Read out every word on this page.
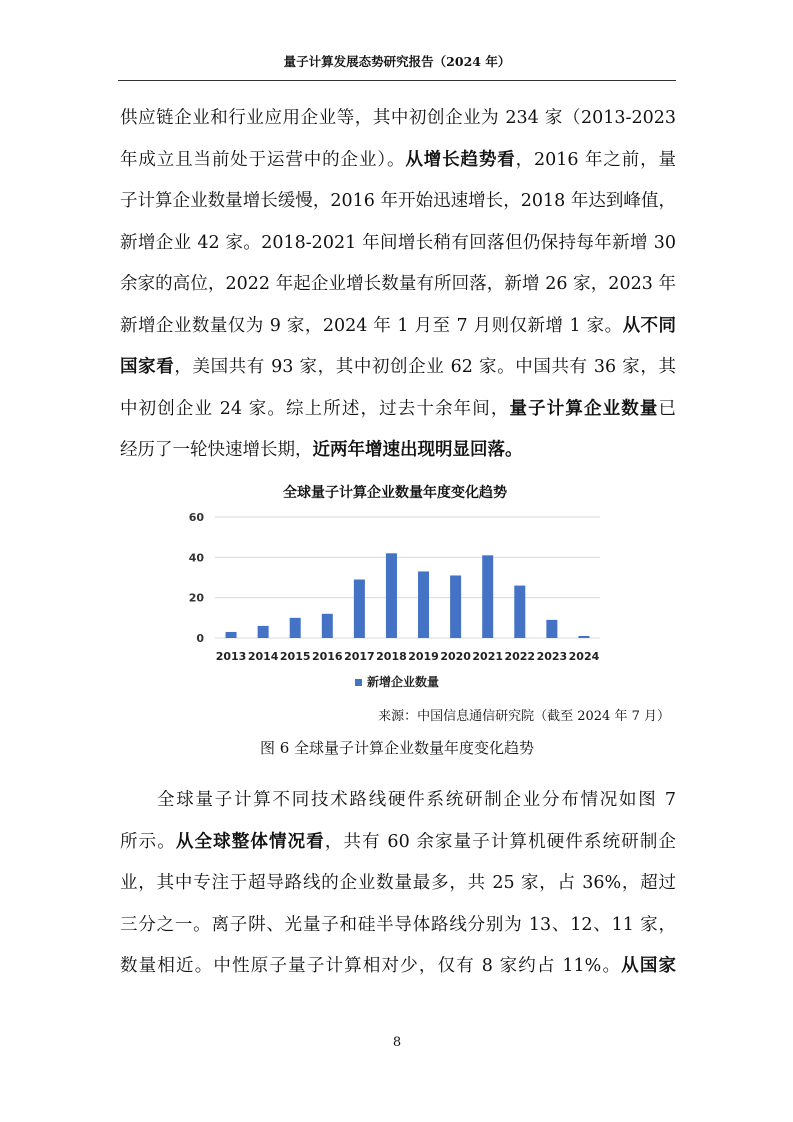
量子计算发展态势研究报告（2024 年）
供应链企业和行业应用企业等，其中初创企业为 234 家（2013-2023
年成立且当前处于运营中的企业）。从增长趋势看，2016 年之前，量
子计算企业数量增长缓慢，2016 年开始迅速增长，2018 年达到峰值，
新增企业 42 家。2018-2021 年间增长稍有回落但仍保持每年新增 30
余家的高位，2022 年起企业增长数量有所回落，新增 26 家，2023 年
新增企业数量仅为 9 家，2024 年 1 月至 7 月则仅新增 1 家。从不同
国家看，美国共有 93 家，其中初创企业 62 家。中国共有 36 家，其
中初创企业 24 家。综上所述，过去十余年间，量子计算企业数量已
经历了一轮快速增长期，近两年增速出现明显回落。
全球量子计算企业数量年度变化趋势
0
20
40
60
2013 2014 2015 2016 2017 2018 2019 2020 2021 2022 2023 2024
新增企业数量
来源：中国信息通信研究院（截至 2024 年 7 月）
图 6 全球量子计算企业数量年度变化趋势
全球量子计算不同技术路线硬件系统研制企业分布情况如图 7
所示。从全球整体情况看，共有 60 余家量子计算机硬件系统研制企
业，其中专注于超导路线的企业数量最多，共 25 家，占 36%，超过
三分之一。离子阱、光量子和硅半导体路线分别为 13、12、11 家，
数量相近。中性原子量子计算相对少，仅有 8 家约占 11%。从国家
8
